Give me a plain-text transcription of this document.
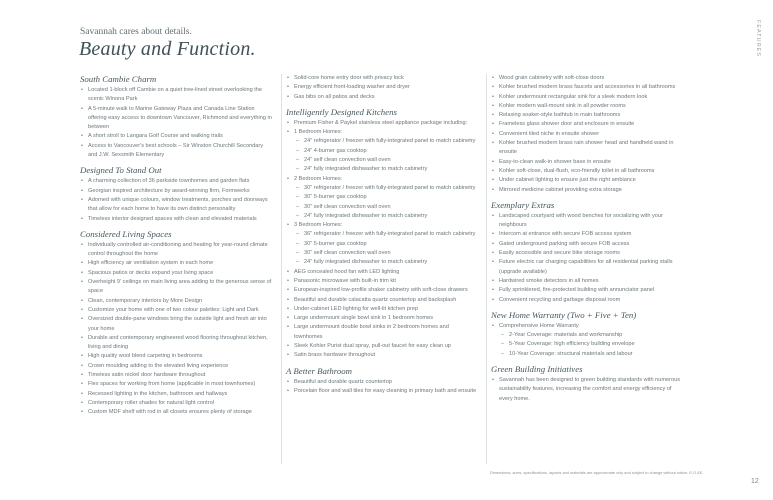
Savannah cares about details.
Beauty and Function.	FEATURES
South Cambie Charm
• Located 1-block off Cambie on a quiet tree-lined street overlooking the scenic Winona Park
• A 5-minute walk to Marine Gateway Plaza and Canada Line Station offering easy access to downtown Vancouver, Richmond and everything in between
• A short stroll to Langara Golf Course and walking trails
• Access to Vancouver's best schools – Sir Winston Churchill Secondary and J.W. Sexsmith Elementary
Designed To Stand Out
• A charming collection of 36 parkside townhomes and garden flats
• Georgian inspired architecture by award-winning firm, Formwerks
• Adorned with unique colours, window treatments, porches and doorways that allow for each home to have its own distinct personality
• Timeless interior designed spaces with clean and elevated materials
Considered Living Spaces
• Individually controlled air-conditioning and heating for year-round climate control throughout the home
• High efficiency air ventilation system in each home
• Spacious patios or decks expand your living space
• Overheight 9' ceilings on main living area adding to the generous sense of space
• Clean, contemporary interiors by More Design
• Customize your home with one of two colour palettes: Light and Dark
• Oversized double-pane windows bring the outside light and fresh air into your home
• Durable and contemporary engineered wood flooring throughout kitchen, living and dining
• High quality wool blend carpeting in bedrooms
• Crown moulding adding to the elevated living experience
• Timeless satin nickel door hardware throughout
• Flex spaces for working from home (applicable in most townhomes)
• Recessed lighting in the kitchen, bathroom and hallways
• Contemporary roller shades for natural light control
• Custom MDF shelf with rod in all closets ensures plenty of storage
• Solid-core home entry door with privacy lock
• Energy efficient front-loading washer and dryer
• Gas bibs on all patios and decks
Intelligently Designed Kitchens
• Premium Fisher & Paykel stainless steel appliance package including:
• 1 Bedroom Homes:
– 24" refrigerator / freezer with fully-integrated panel to match cabinetry
– 24" 4-burner gas cooktop
– 24" self clean convection wall oven
– 24" fully integrated dishwasher to match cabinetry
• 2 Bedroom Homes:
– 30" refrigerator / freezer with fully-integrated panel to match cabinetry
– 30" 5-burner gas cooktop
– 30" self clean convection wall oven
– 24" fully integrated dishwasher to match cabinetry
• 3 Bedroom Homes:
– 36" refrigerator / freezer with fully-integrated panel to match cabinetry
– 30" 5-burner gas cooktop
– 30" self clean convection wall oven
– 24" fully integrated dishwasher to match cabinetry
• AEG concealed hood fan with LED lighting
• Panasonic microwave with built-in trim kit
• European-inspired low-profile shaker cabinetry with soft-close drawers
• Beautiful and durable calacatta quartz countertop and backsplash
• Under-cabinet LED lighting for well-lit kitchen prep
• Large undermount single bowl sink in 1 bedroom homes
• Large undermount double bowl sinks in 2 bedroom homes and townhomes
• Sleek Kohler Purist dual spray, pull-out faucet for easy clean up
• Satin brass hardware throughout
A Better Bathroom
• Beautiful and durable quartz countertop
• Porcelain floor and wall tiles for easy cleaning in primary bath and ensuite
• Wood grain cabinetry with soft-close doors
• Kohler brushed modern brass faucets and accessories in all bathrooms
• Kohler undermount rectangular sink for a sleek modern look
• Kohler modern wall-mount sink in all powder rooms
• Relaxing soaker-style bathtub in main bathrooms
• Frameless glass shower door and enclosure in ensuite
• Convenient tiled niche in ensuite shower
• Kohler brushed modern brass rain shower head and handheld wand in ensuite
• Easy-to-clean walk-in shower base in ensuite
• Kohler soft-close, dual-flush, eco-friendly toilet in all bathrooms
• Under cabinet lighting to ensure just the right ambiance
• Mirrored medicine cabinet providing extra storage
Exemplary Extras
• Landscaped courtyard with wood benches for socializing with your neighbours
• Intercom at entrance with secure FOB access system
• Gated underground parking with secure FOB access
• Easily accessible and secure bike storage rooms
• Future electric car charging capabilities for all residential parking stalls (upgrade available)
• Hardwired smoke detectors in all homes
• Fully sprinklered, fire-protected building with annunciator panel
• Convenient recycling and garbage disposal room
New Home Warranty (Two + Five + Ten)
• Comprehensive Home Warranty
– 2-Year Coverage: materials and workmanship
– 5-Year Coverage: high efficiency building envelope
– 10-Year Coverage: structural materials and labour
Green Building Initiatives
• Savannah has been designed to green building standards with numerous sustainability features, increasing the comfort and energy efficiency of every home.
Dimensions, sizes, specifications, layouts and materials are approximate only and subject to change without notice. E.O.&E.
12
